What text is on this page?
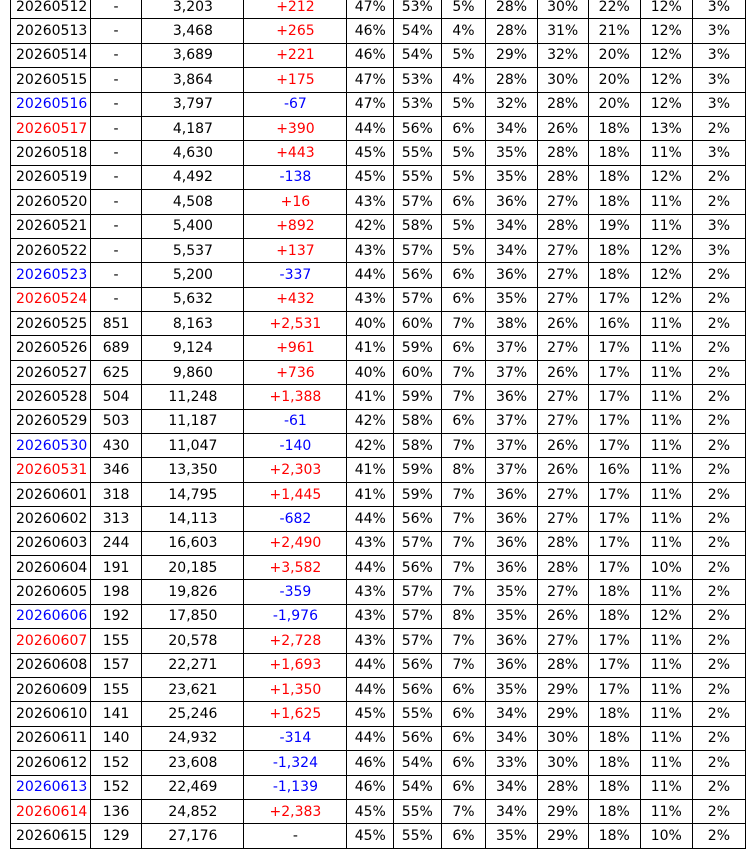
20260512	-	3,203	+212	47%	53%	5%	28%	30%	22%	12%	3%
20260513	-	3,468	+265	46%	54%	4%	28%	31%	21%	12%	3%
20260514	-	3,689	+221	46%	54%	5%	29%	32%	20%	12%	3%
20260515	-	3,864	+175	47%	53%	4%	28%	30%	20%	12%	3%
20260516	-	3,797	-67	47%	53%	5%	32%	28%	20%	12%	3%
20260517	-	4,187	+390	44%	56%	6%	34%	26%	18%	13%	2%
20260518	-	4,630	+443	45%	55%	5%	35%	28%	18%	11%	3%
20260519	-	4,492	-138	45%	55%	5%	35%	28%	18%	12%	2%
20260520	-	4,508	+16	43%	57%	6%	36%	27%	18%	11%	2%
20260521	-	5,400	+892	42%	58%	5%	34%	28%	19%	11%	3%
20260522	-	5,537	+137	43%	57%	5%	34%	27%	18%	12%	3%
20260523	-	5,200	-337	44%	56%	6%	36%	27%	18%	12%	2%
20260524	-	5,632	+432	43%	57%	6%	35%	27%	17%	12%	2%
20260525	851	8,163	+2,531	40%	60%	7%	38%	26%	16%	11%	2%
20260526	689	9,124	+961	41%	59%	6%	37%	27%	17%	11%	2%
20260527	625	9,860	+736	40%	60%	7%	37%	26%	17%	11%	2%
20260528	504	11,248	+1,388	41%	59%	7%	36%	27%	17%	11%	2%
20260529	503	11,187	-61	42%	58%	6%	37%	27%	17%	11%	2%
20260530	430	11,047	-140	42%	58%	7%	37%	26%	17%	11%	2%
20260531	346	13,350	+2,303	41%	59%	8%	37%	26%	16%	11%	2%
20260601	318	14,795	+1,445	41%	59%	7%	36%	27%	17%	11%	2%
20260602	313	14,113	-682	44%	56%	7%	36%	27%	17%	11%	2%
20260603	244	16,603	+2,490	43%	57%	7%	36%	28%	17%	11%	2%
20260604	191	20,185	+3,582	44%	56%	7%	36%	28%	17%	10%	2%
20260605	198	19,826	-359	43%	57%	7%	35%	27%	18%	11%	2%
20260606	192	17,850	-1,976	43%	57%	8%	35%	26%	18%	12%	2%
20260607	155	20,578	+2,728	43%	57%	7%	36%	27%	17%	11%	2%
20260608	157	22,271	+1,693	44%	56%	7%	36%	28%	17%	11%	2%
20260609	155	23,621	+1,350	44%	56%	6%	35%	29%	17%	11%	2%
20260610	141	25,246	+1,625	45%	55%	6%	34%	29%	18%	11%	2%
20260611	140	24,932	-314	44%	56%	6%	34%	30%	18%	11%	2%
20260612	152	23,608	-1,324	46%	54%	6%	33%	30%	18%	11%	2%
20260613	152	22,469	-1,139	46%	54%	6%	34%	28%	18%	11%	2%
20260614	136	24,852	+2,383	45%	55%	7%	34%	29%	18%	11%	2%
20260615	129	27,176	-	45%	55%	6%	35%	29%	18%	10%	2%
